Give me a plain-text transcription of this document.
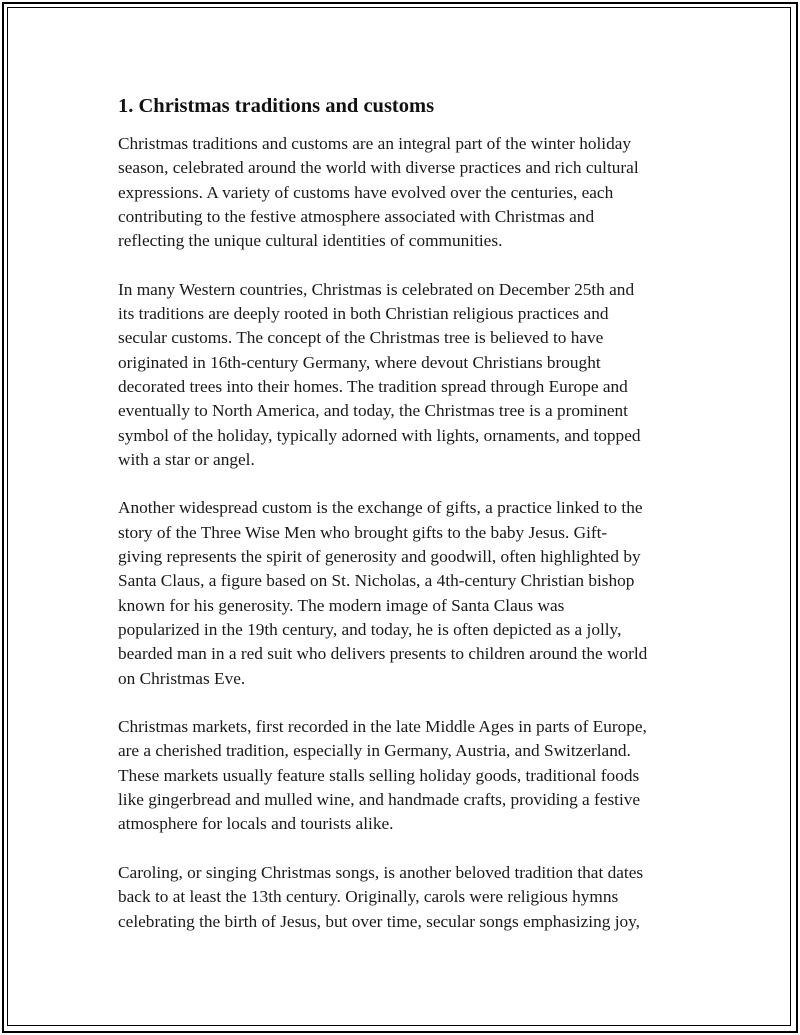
1. Christmas traditions and customs
Christmas traditions and customs are an integral part of the winter holiday
season, celebrated around the world with diverse practices and rich cultural
expressions. A variety of customs have evolved over the centuries, each
contributing to the festive atmosphere associated with Christmas and
reflecting the unique cultural identities of communities.
In many Western countries, Christmas is celebrated on December 25th and
its traditions are deeply rooted in both Christian religious practices and
secular customs. The concept of the Christmas tree is believed to have
originated in 16th-century Germany, where devout Christians brought
decorated trees into their homes. The tradition spread through Europe and
eventually to North America, and today, the Christmas tree is a prominent
symbol of the holiday, typically adorned with lights, ornaments, and topped
with a star or angel.
Another widespread custom is the exchange of gifts, a practice linked to the
story of the Three Wise Men who brought gifts to the baby Jesus. Gift-
giving represents the spirit of generosity and goodwill, often highlighted by
Santa Claus, a figure based on St. Nicholas, a 4th-century Christian bishop
known for his generosity. The modern image of Santa Claus was
popularized in the 19th century, and today, he is often depicted as a jolly,
bearded man in a red suit who delivers presents to children around the world
on Christmas Eve.
Christmas markets, first recorded in the late Middle Ages in parts of Europe,
are a cherished tradition, especially in Germany, Austria, and Switzerland.
These markets usually feature stalls selling holiday goods, traditional foods
like gingerbread and mulled wine, and handmade crafts, providing a festive
atmosphere for locals and tourists alike.
Caroling, or singing Christmas songs, is another beloved tradition that dates
back to at least the 13th century. Originally, carols were religious hymns
celebrating the birth of Jesus, but over time, secular songs emphasizing joy,
